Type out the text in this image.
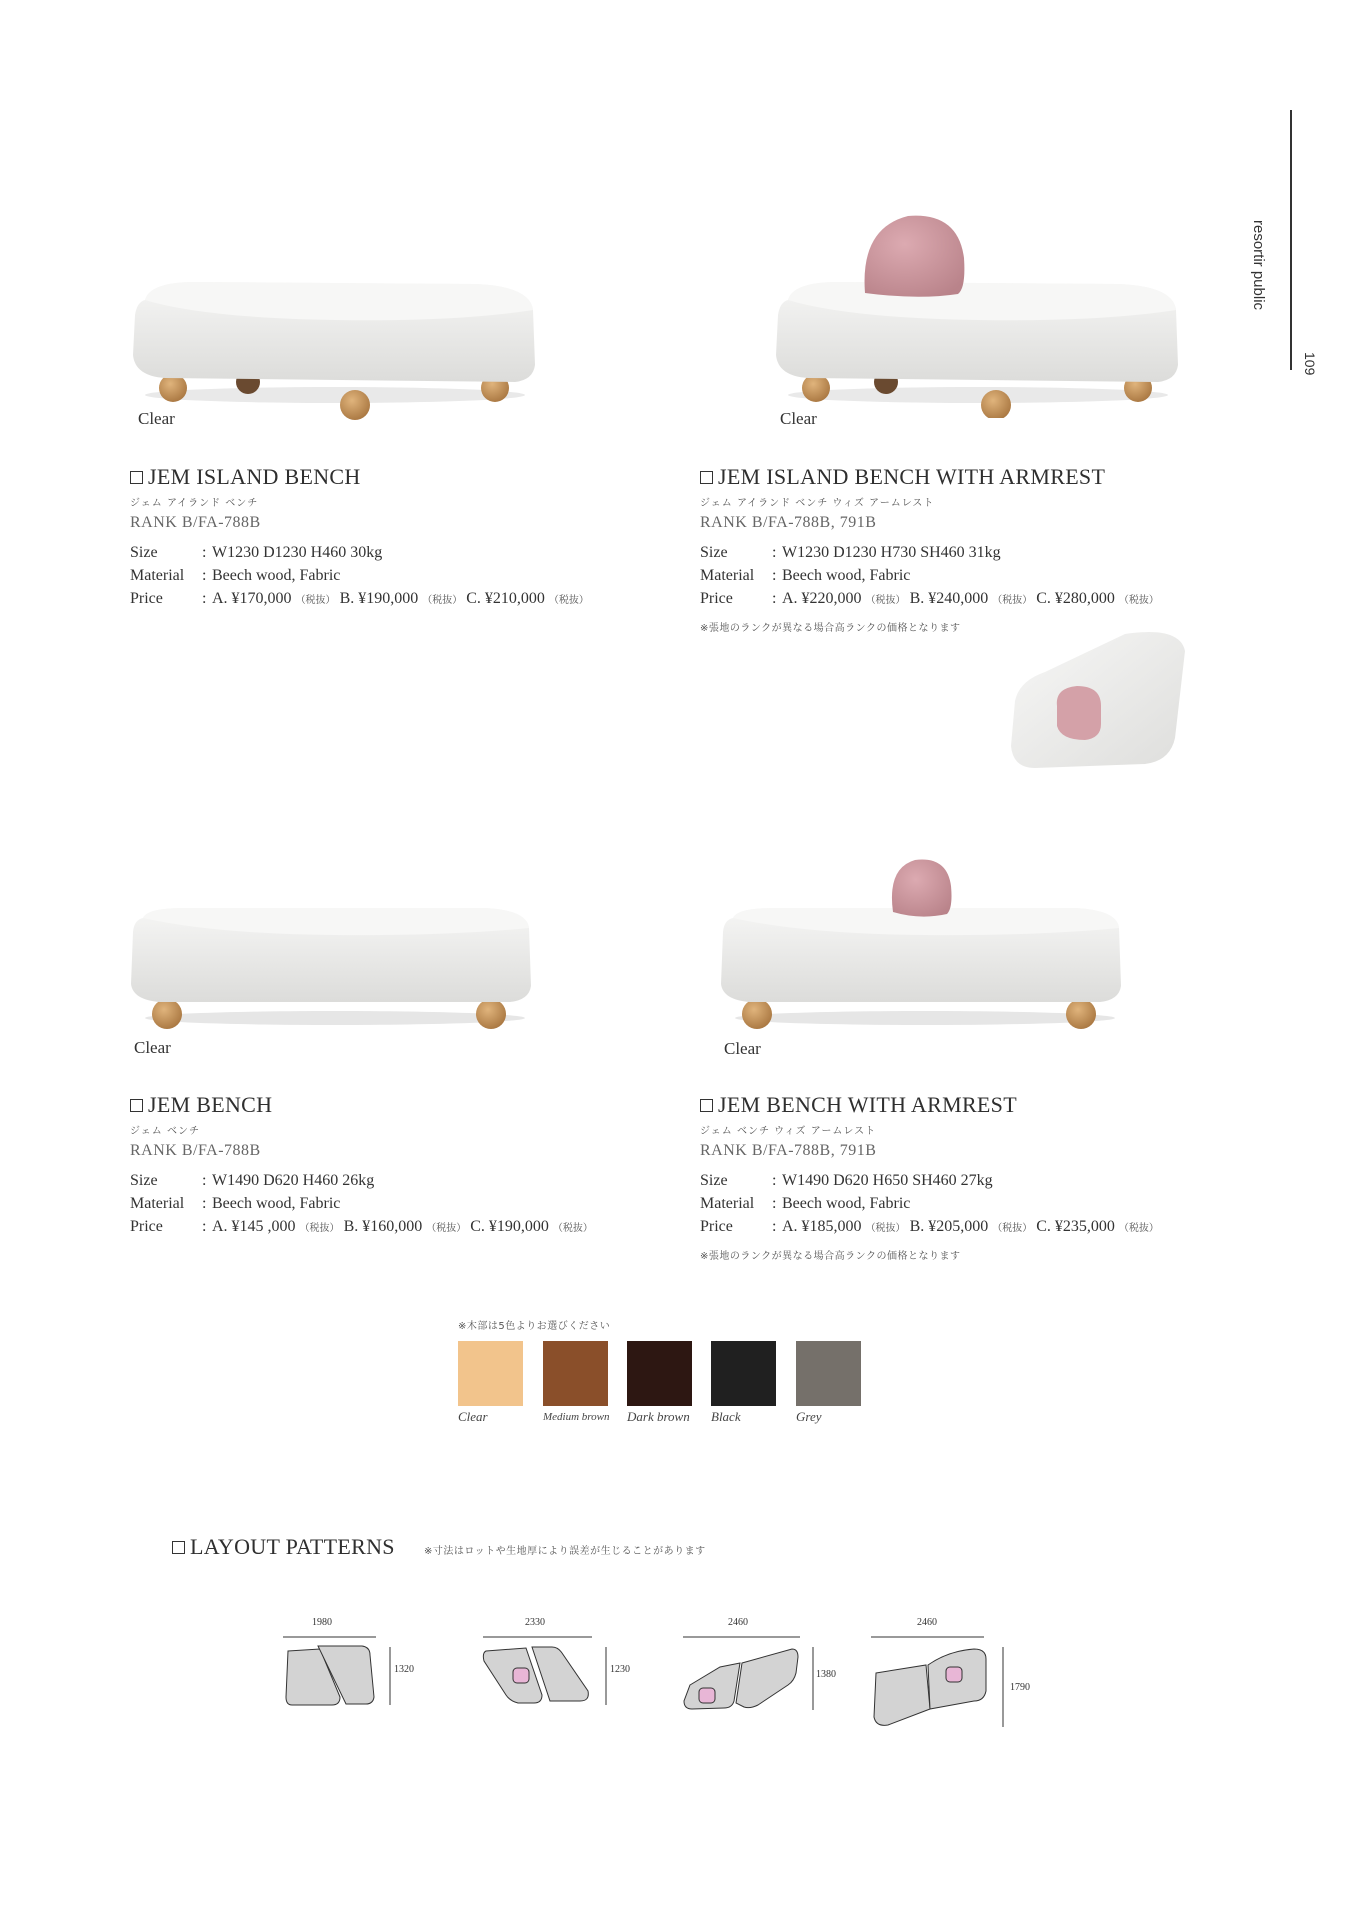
resortir public
109
Clear
JEM ISLAND BENCH
ジェム アイランド ベンチ
RANK B/FA-788B
Size	: W1230 D1230 H460 30kg
Material	: Beech wood, Fabric
Price	: A. ¥170,000 （税抜） B. ¥190,000 （税抜） C. ¥210,000 （税抜）
Clear
JEM ISLAND BENCH WITH ARMREST
ジェム アイランド ベンチ ウィズ アームレスト
RANK B/FA-788B, 791B
Size	: W1230 D1230 H730 SH460 31kg
Material	: Beech wood, Fabric
Price	: A. ¥220,000 （税抜） B. ¥240,000 （税抜） C. ¥280,000 （税抜）
※張地のランクが異なる場合高ランクの価格となります
Clear
JEM BENCH
ジェム ベンチ
RANK B/FA-788B
Size	: W1490 D620 H460 26kg
Material	: Beech wood, Fabric
Price	: A. ¥145 ,000 （税抜） B. ¥160,000 （税抜） C. ¥190,000 （税抜）
Clear
JEM BENCH WITH ARMREST
ジェム ベンチ ウィズ アームレスト
RANK B/FA-788B, 791B
Size	: W1490 D620 H650 SH460 27kg
Material	: Beech wood, Fabric
Price	: A. ¥185,000 （税抜） B. ¥205,000 （税抜） C. ¥235,000 （税抜）
※張地のランクが異なる場合高ランクの価格となります
※木部は5色よりお選びください
Clear	Medium brown Dark brown Black	Grey
LAYOUT PATTERNS	※寸法はロットや生地厚により誤差が生じることがあります
1980
1320
2330
1230
2460
1380
2460
1790
